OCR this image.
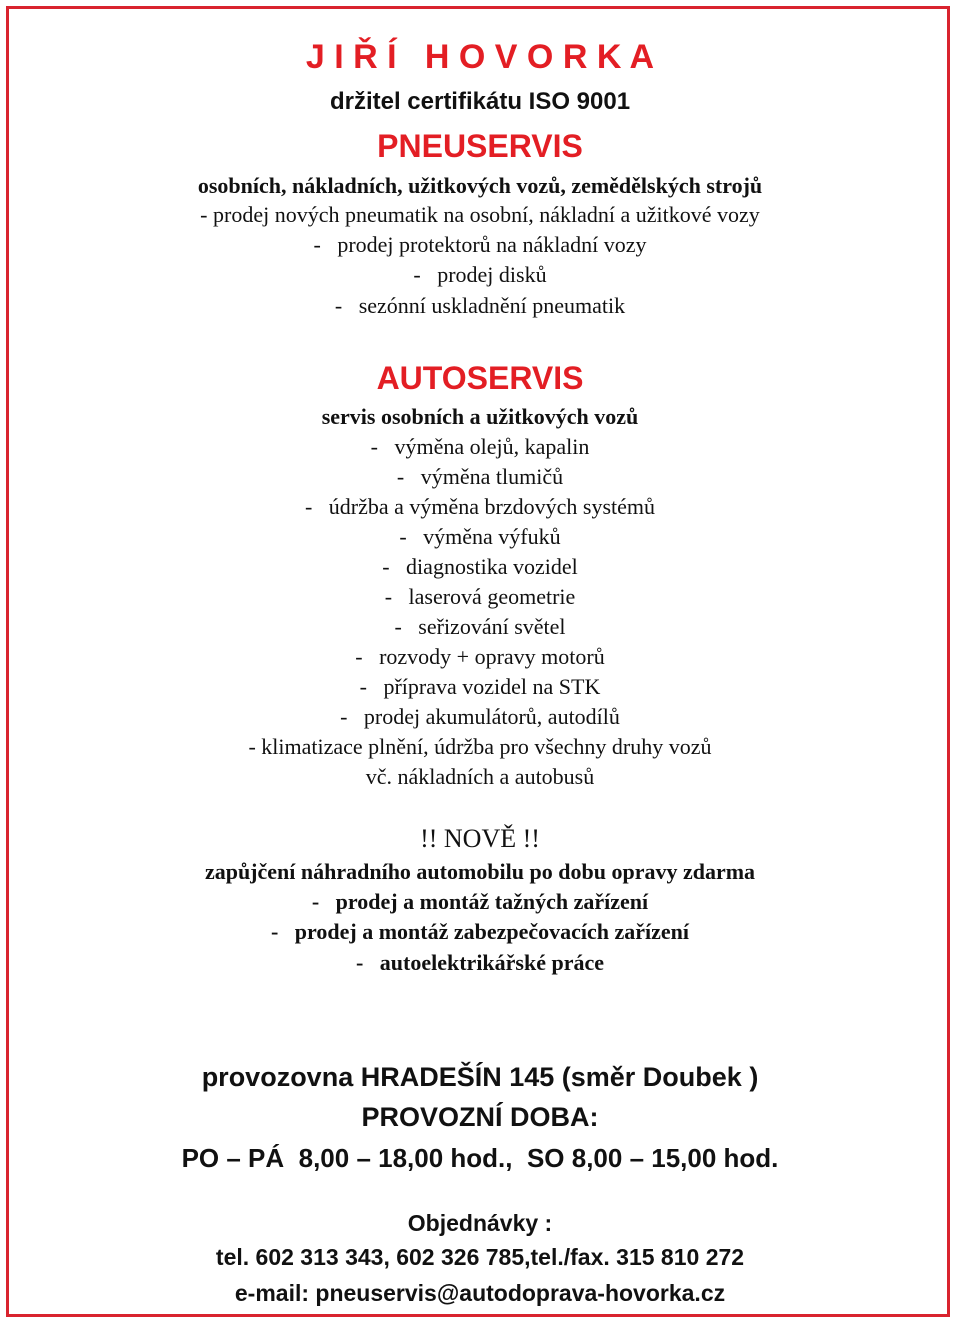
J I Ř Í   H O V O R K A
držitel certifikátu ISO 9001
PNEUSERVIS
osobních, nákladních, užitkových vozů, zemědělských strojů
- prodej nových pneumatik na osobní, nákladní a užitkové vozy
-   prodej protektorů na nákladní vozy
-   prodej disků
-   sezónní uskladnění pneumatik
AUTOSERVIS
servis osobních a užitkových vozů
-   výměna olejů, kapalin
-   výměna tlumičů
-   údržba a výměna brzdových systémů
-   výměna výfuků
-   diagnostika vozidel
-   laserová geometrie
-   seřizování světel
-   rozvody + opravy motorů
-   příprava vozidel na STK
-   prodej akumulátorů, autodílů
- klimatizace plnění, údržba pro všechny druhy vozů
vč. nákladních a autobusů
!! NOVĚ !!
zapůjčení náhradního automobilu po dobu opravy zdarma
-   prodej a montáž tažných zařízení
-   prodej a montáž zabezpečovacích zařízení
-   autoelektrikářské práce
provozovna HRADEŠÍN 145 (směr Doubek )
PROVOZNÍ DOBA:
PO – PÁ  8,00 – 18,00 hod.,  SO 8,00 – 15,00 hod.
Objednávky :
tel. 602 313 343, 602 326 785,tel./fax. 315 810 272
e-mail: pneuservis@autodoprava-hovorka.cz
